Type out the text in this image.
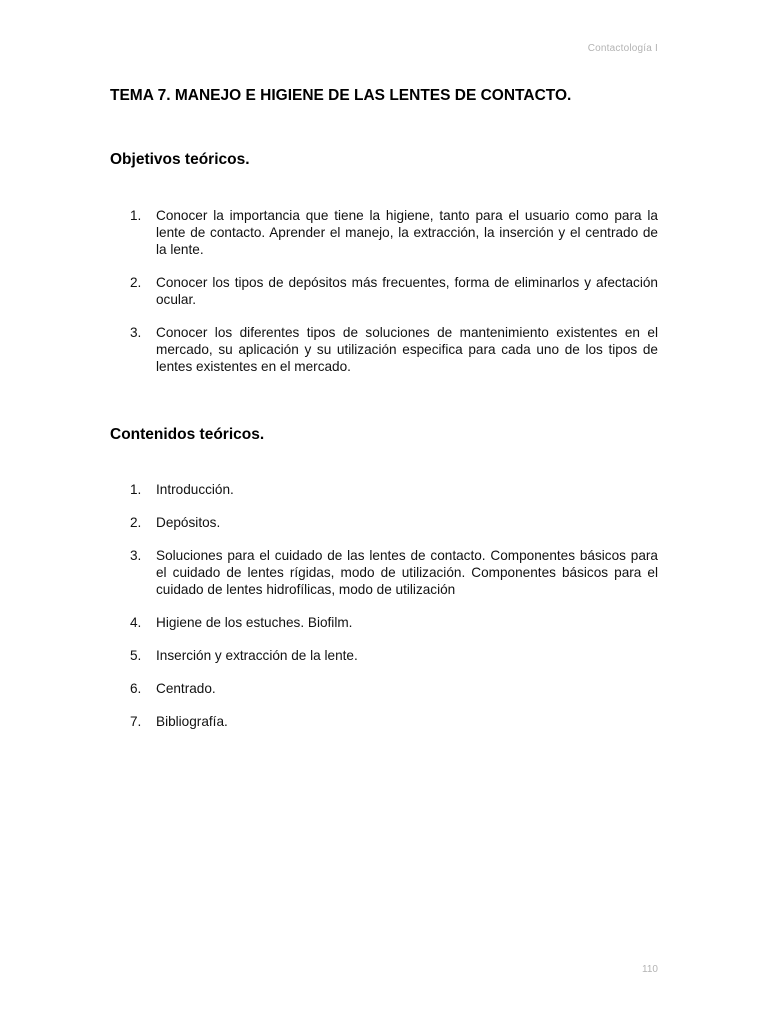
Contactología I
TEMA 7. MANEJO E HIGIENE DE LAS LENTES DE CONTACTO.
Objetivos teóricos.
1.	Conocer la importancia que tiene la higiene, tanto para el usuario como para la lente de contacto. Aprender el manejo, la extracción, la inserción y el centrado de la lente.
2.	Conocer los tipos de depósitos más frecuentes, forma de eliminarlos y afectación ocular.
3.	Conocer los diferentes tipos de soluciones de mantenimiento existentes en el mercado, su aplicación y su utilización especifica para cada uno de los tipos de lentes existentes en el mercado.
Contenidos teóricos.
1.	Introducción.
2.	Depósitos.
3.	Soluciones para el cuidado de las lentes de contacto. Componentes básicos para el cuidado de lentes rígidas, modo de utilización. Componentes básicos para el cuidado de lentes hidrofílicas, modo de utilización
4.	Higiene de los estuches. Biofilm.
5.	Inserción y extracción de la lente.
6.	Centrado.
7.	Bibliografía.
110
